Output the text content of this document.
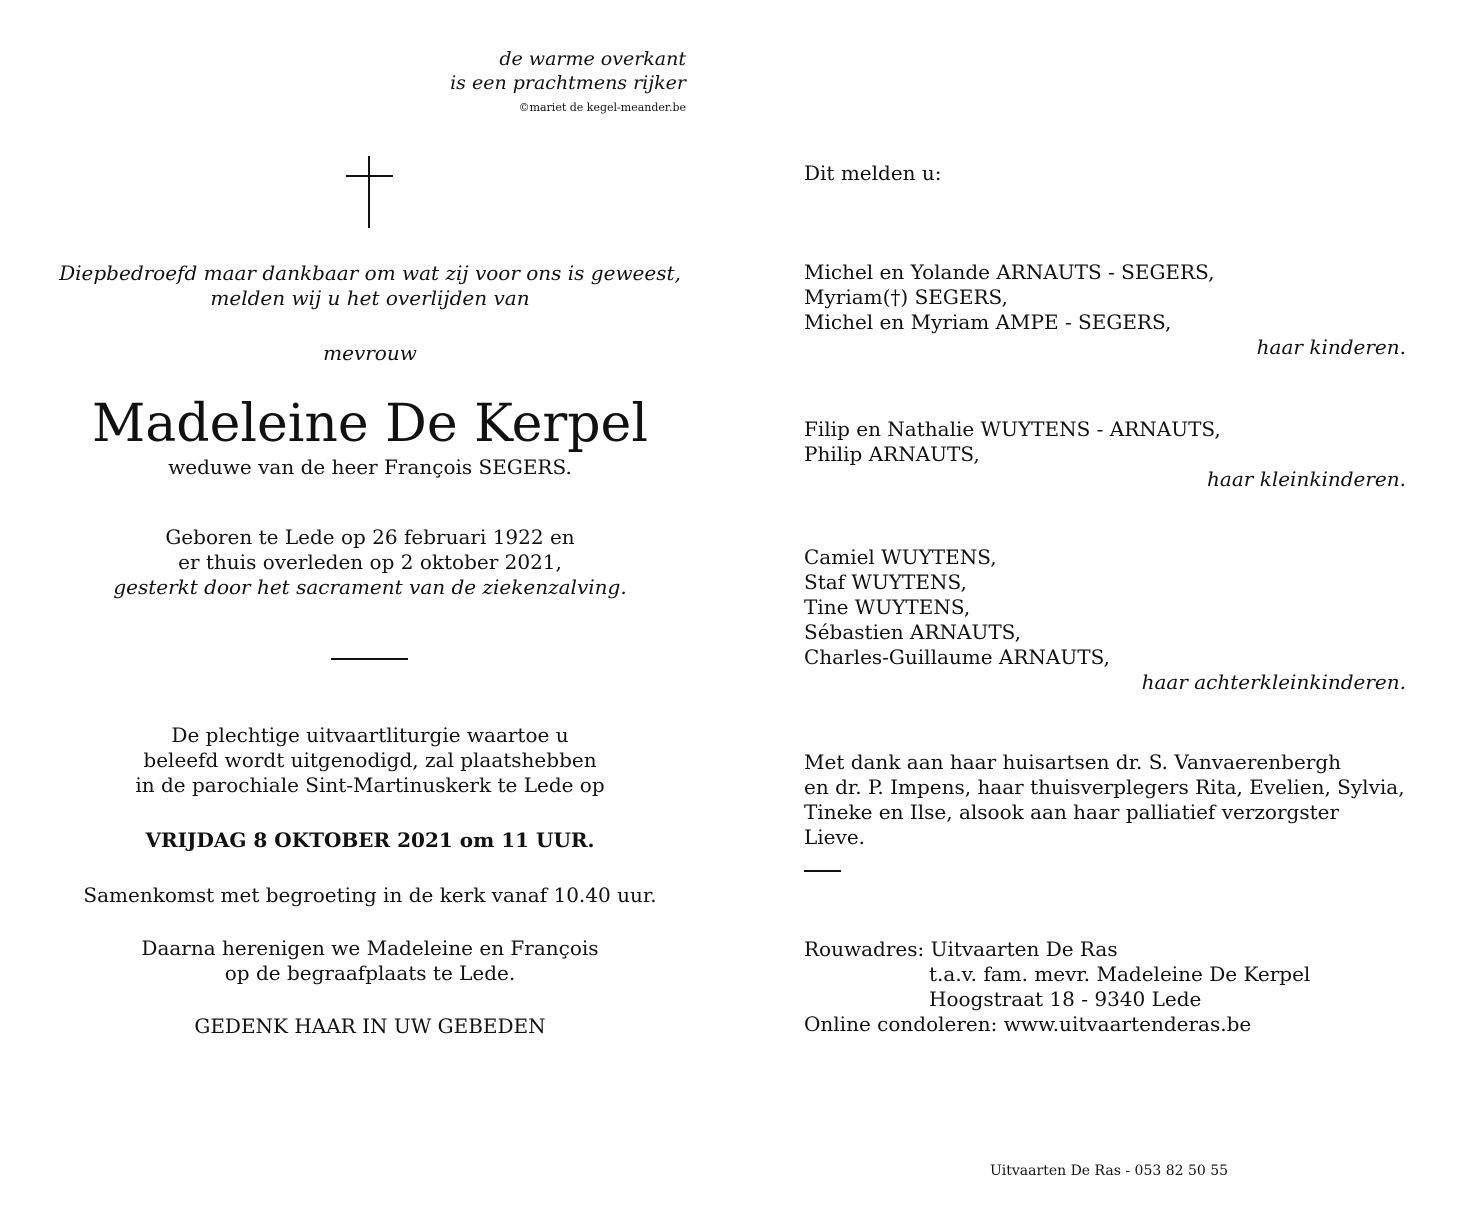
de warme overkant
is een prachtmens rijker
©mariet de kegel-meander.be
Diepbedroefd maar dankbaar om wat zij voor ons is geweest,
melden wij u het overlijden van
mevrouw
Madeleine De Kerpel
weduwe van de heer François SEGERS.
Geboren te Lede op 26 februari 1922 en
er thuis overleden op 2 oktober 2021,
gesterkt door het sacrament van de ziekenzalving.
De plechtige uitvaartliturgie waartoe u
beleefd wordt uitgenodigd, zal plaatshebben
in de parochiale Sint-Martinuskerk te Lede op
VRIJDAG 8 OKTOBER 2021 om 11 UUR.
Samenkomst met begroeting in de kerk vanaf 10.40 uur.
Daarna herenigen we Madeleine en François
op de begraafplaats te Lede.
GEDENK HAAR IN UW GEBEDEN
Dit melden u:
Michel en Yolande ARNAUTS - SEGERS,
Myriam(†) SEGERS,
Michel en Myriam AMPE - SEGERS,
haar kinderen.
Filip en Nathalie WUYTENS - ARNAUTS,
Philip ARNAUTS,
haar kleinkinderen.
Camiel WUYTENS,
Staf WUYTENS,
Tine WUYTENS,
Sébastien ARNAUTS,
Charles-Guillaume ARNAUTS,
haar achterkleinkinderen.
Met dank aan haar huisartsen dr. S. Vanvaerenbergh
en dr. P. Impens, haar thuisverplegers Rita, Evelien, Sylvia,
Tineke en Ilse, alsook aan haar palliatief verzorgster Lieve.
Rouwadres: Uitvaarten De Ras
t.a.v. fam. mevr. Madeleine De Kerpel
Hoogstraat 18 - 9340 Lede
Online condoleren: www.uitvaartenderas.be
Uitvaarten De Ras - 053 82 50 55
